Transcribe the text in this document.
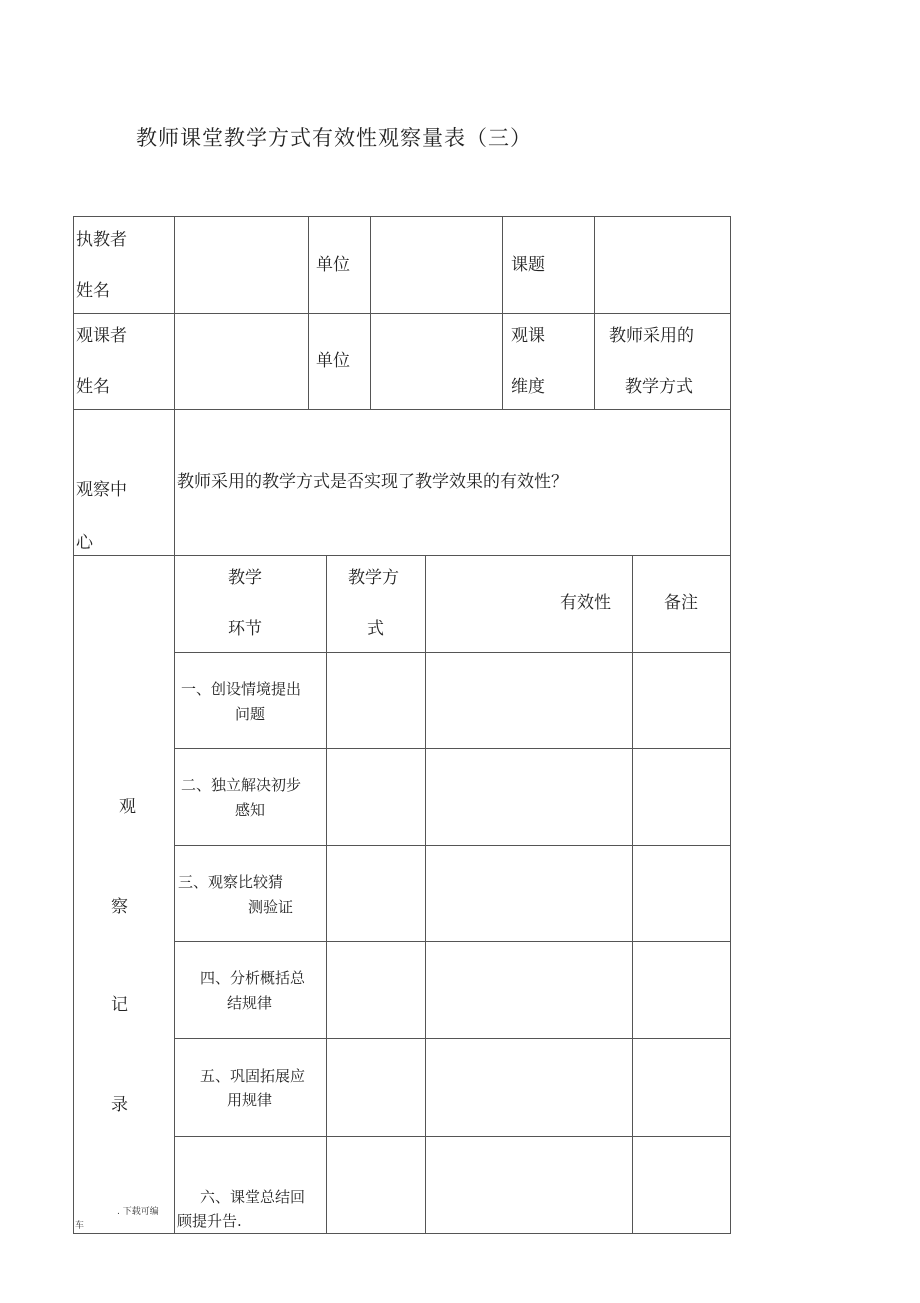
教师课堂教学方式有效性观察量表（三）
执教者
姓名
单位	课题
观课者
姓名
单位
观课
维度
教师采用的
教学方式
观察中
心
教师采用的教学方式是否实现了教学效果的有效性？
教学
环节
教学方
式
有效性	备注
观
察
记
录
一、创设情境提出
问题
二、独立解决初步
感知
三、观察比较猜
测验证
四、分析概括总
结规律
五、巩固拓展应
用规律
六、课堂总结回
顾提升告.
. 下载可编
车
